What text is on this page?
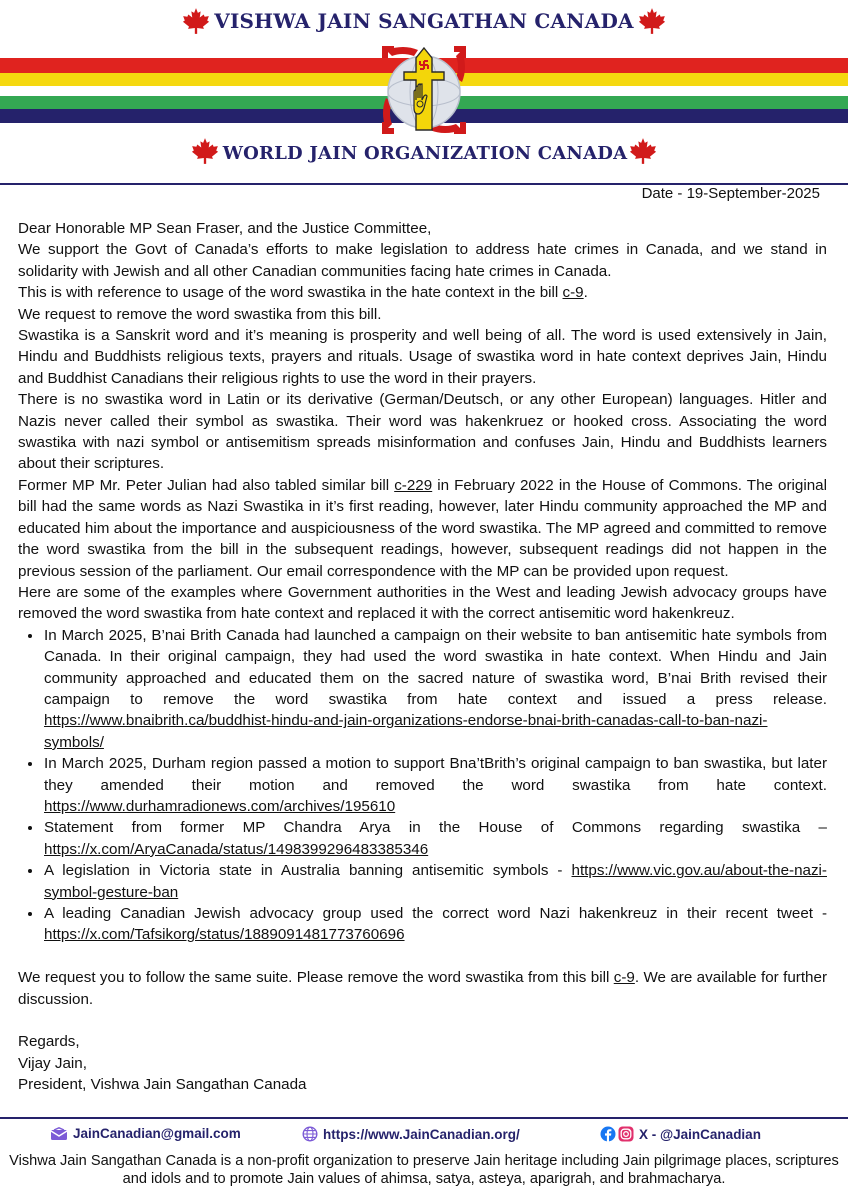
VISHWA JAIN SANGATHAN CANADA
WORLD JAIN ORGANIZATION CANADA
Date - 19-September-2025

Dear Honorable MP Sean Fraser, and the Justice Committee,

We support the Govt of Canada’s efforts to make legislation to address hate crimes in Canada, and we stand in solidarity with Jewish and all other Canadian communities facing hate crimes in Canada.

This is with reference to usage of the word swastika in the hate context in the bill c-9.

We request to remove the word swastika from this bill.

Swastika is a Sanskrit word and it’s meaning is prosperity and well being of all. The word is used extensively in Jain, Hindu and Buddhists religious texts, prayers and rituals. Usage of swastika word in hate context deprives Jain, Hindu and Buddhist Canadians their religious rights to use the word in their prayers.

There is no swastika word in Latin or its derivative (German/Deutsch, or any other European) languages. Hitler and Nazis never called their symbol as swastika. Their word was hakenkruez or hooked cross. Associating the word swastika with nazi symbol or antisemitism spreads misinformation and confuses Jain, Hindu and Buddhists learners about their scriptures.

Former MP Mr. Peter Julian had also tabled similar bill c-229 in February 2022 in the House of Commons. The original bill had the same words as Nazi Swastika in it’s first reading, however, later Hindu community approached the MP and educated him about the importance and auspiciousness of the word swastika. The MP agreed and committed to remove the word swastika from the bill in the subsequent readings, however, subsequent readings did not happen in the previous session of the parliament. Our email correspondence with the MP can be provided upon request.

Here are some of the examples where Government authorities in the West and leading Jewish advocacy groups have removed the word swastika from hate context and replaced it with the correct antisemitic word hakenkreuz.

• In March 2025, B’nai Brith Canada had launched a campaign on their website to ban antisemitic hate symbols from Canada. In their original campaign, they had used the word swastika in hate context. When Hindu and Jain community approached and educated them on the sacred nature of swastika word, B’nai Brith revised their campaign to remove the word swastika from hate context and issued a press release. https://www.bnaibrith.ca/buddhist-hindu-and-jain-organizations-endorse-bnai-brith-canadas-call-to-ban-nazi-symbols/
• In March 2025, Durham region passed a motion to support Bna’tBrith’s original campaign to ban swastika, but later they amended their motion and removed the word swastika from hate context. https://www.durhamradionews.com/archives/195610
• Statement from former MP Chandra Arya in the House of Commons regarding swastika – https://x.com/AryaCanada/status/1498399296483385346
• A legislation in Victoria state in Australia banning antisemitic symbols - https://www.vic.gov.au/about-the-nazi-symbol-gesture-ban
• A leading Canadian Jewish advocacy group used the correct word Nazi hakenkreuz in their recent tweet - https://x.com/Tafsikorg/status/1889091481773760696

We request you to follow the same suite. Please remove the word swastika from this bill c-9. We are available for further discussion.

Regards,

Vijay Jain,

President, Vishwa Jain Sangathan Canada

JainCanadian@gmail.com	https://www.JainCanadian.org/	X - @JainCanadian
Vishwa Jain Sangathan Canada is a non-profit organization to preserve Jain heritage including Jain pilgrimage places, scriptures and idols and to promote Jain values of ahimsa, satya, asteya, aparigrah, and brahmacharya.
